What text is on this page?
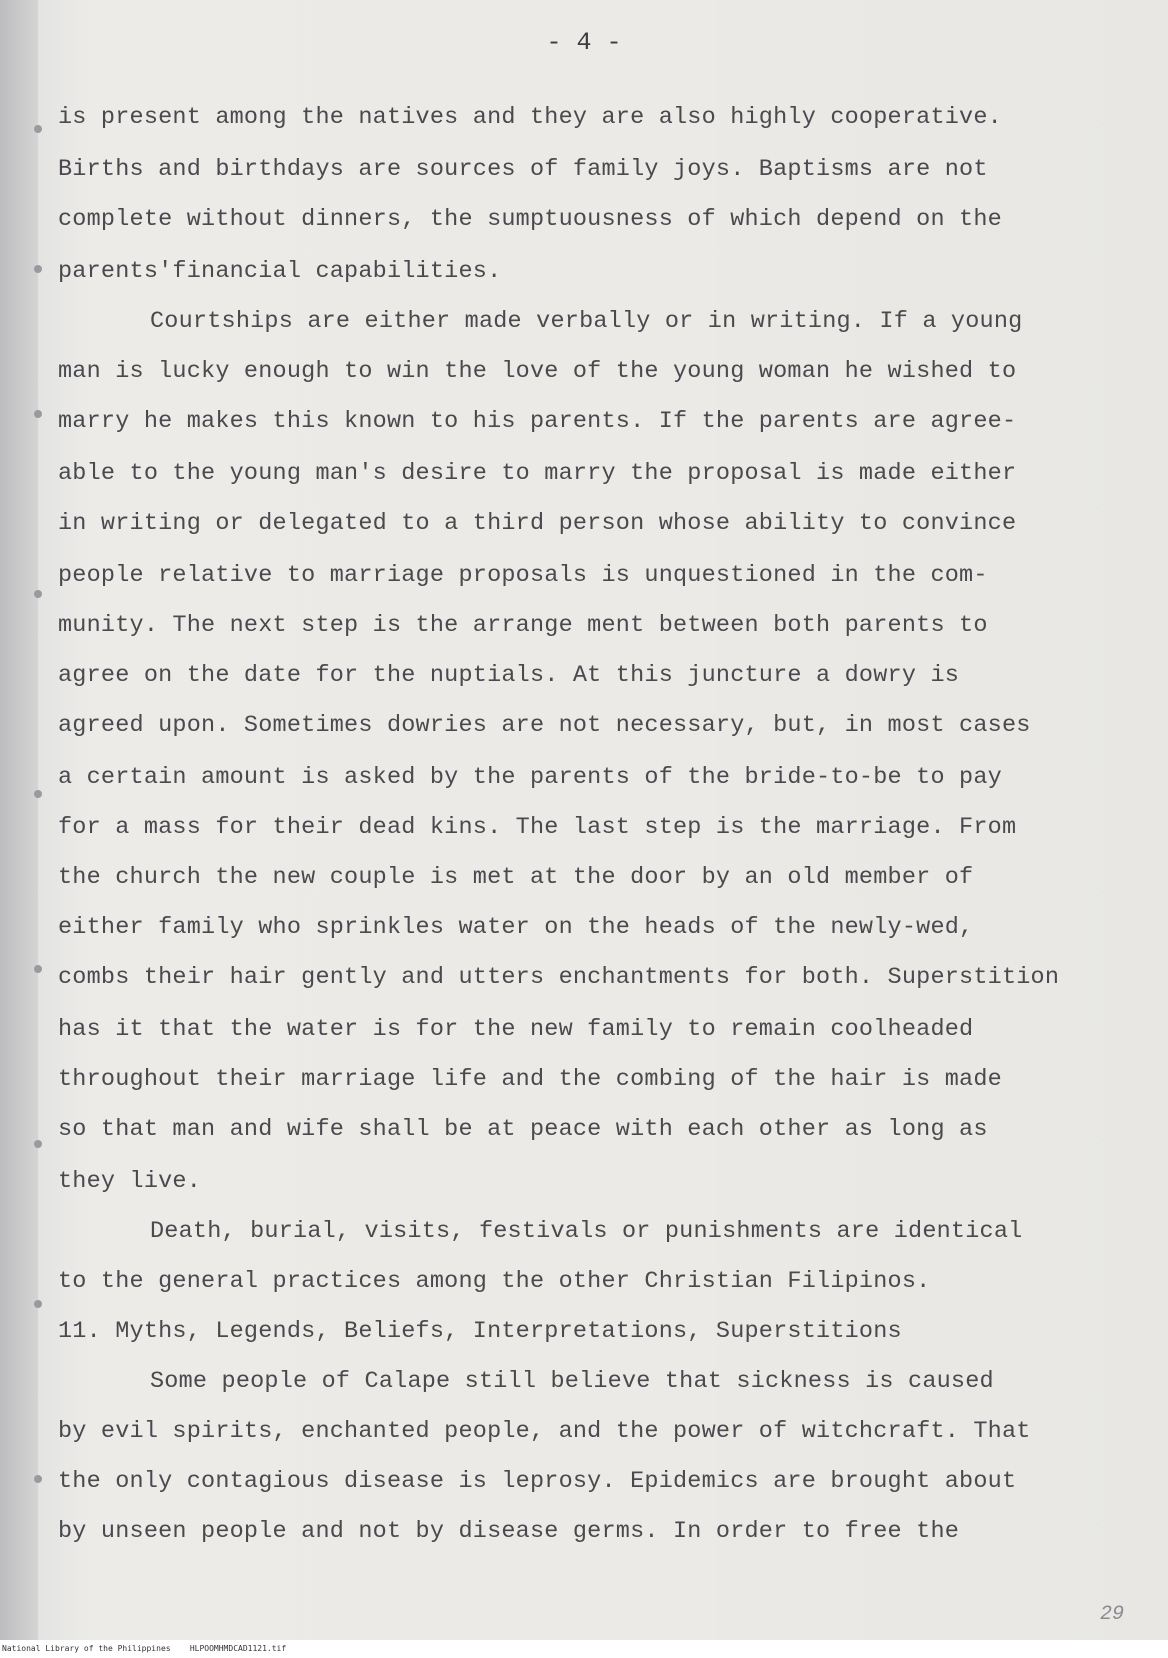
- 4 -
is present among the natives and they are also highly cooperative.
Births and birthdays are sources of family joys. Baptisms are not
complete without dinners, the sumptuousness of which depend on the
parents'financial capabilities.
Courtships are either made verbally or in writing. If a young
man is lucky enough to win the love of the young woman he wished to
marry he makes this known to his parents. If the parents are agree-
able to the young man's desire to marry the proposal is made either
in writing or delegated to a third person whose ability to convince
people relative to marriage proposals is unquestioned in the com-
munity. The next step is the arrange ment between both parents to
agree on the date for the nuptials. At this juncture a dowry is
agreed upon. Sometimes dowries are not necessary, but, in most cases
a certain amount is asked by the parents of the bride-to-be to pay
for a mass for their dead kins. The last step is the marriage. From
the church the new couple is met at the door by an old member of
either family who sprinkles water on the heads of the newly-wed,
combs their hair gently and utters enchantments for both. Superstition
has it that the water is for the new family to remain coolheaded
throughout their marriage life and the combing of the hair is made
so that man and wife shall be at peace with each other as long as
they live.
Death, burial, visits, festivals or punishments are identical
to the general practices among the other Christian Filipinos.
11. Myths, Legends, Beliefs, Interpretations, Superstitions
Some people of Calape still believe that sickness is caused
by evil spirits, enchanted people, and the power of witchcraft. That
the only contagious disease is leprosy. Epidemics are brought about
by unseen people and not by disease germs. In order to free the
29
National Library of the Philippines    HLPOOMHMDCAD1121.tif
